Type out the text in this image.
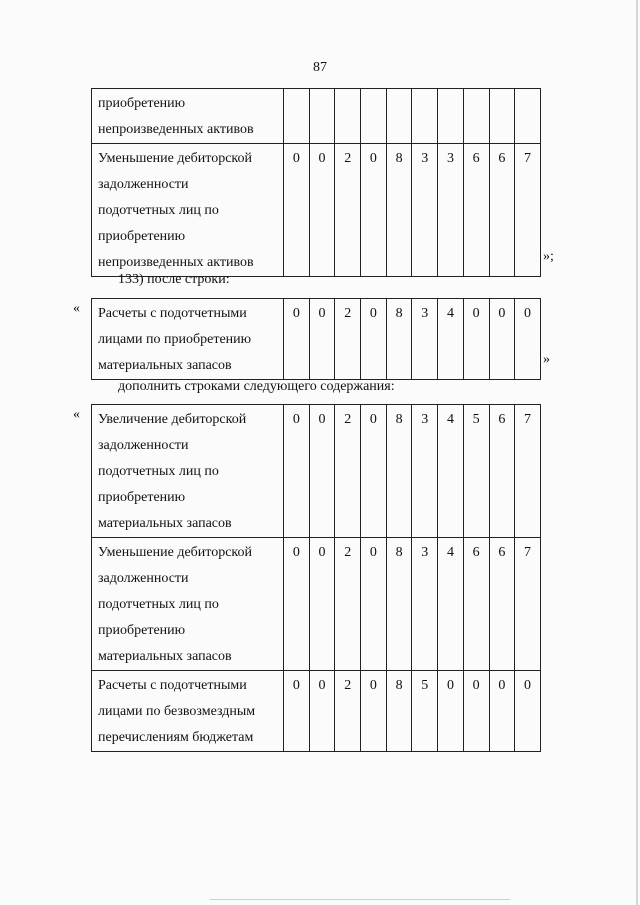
87
приобретению
непроизведенных активов										

Уменьшение дебиторской
задолженности
подотчетных лиц по
приобретению
непроизведенных активов	0	0	2	0	8	3	3	6	6	7
»;
133) после строки:
« Расчеты с подотчетными
лицами по приобретению
материальных запасов
	0	0	2	0	8	3	4	0	0	0
»
дополнить строками следующего содержания:
« Увеличение дебиторской
задолженности
подотчетных лиц по
приобретению
материальных запасов	0	0	2	0	8	3	4	5	6	7

Уменьшение дебиторской
задолженности
подотчетных лиц по
приобретению
материальных запасов	0	0	2	0	8	3	4	6	6	7

Расчеты с подотчетными
лицами по безвозмездным
перечислениям бюджетам	0	0	2	0	8	5	0	0	0	0
